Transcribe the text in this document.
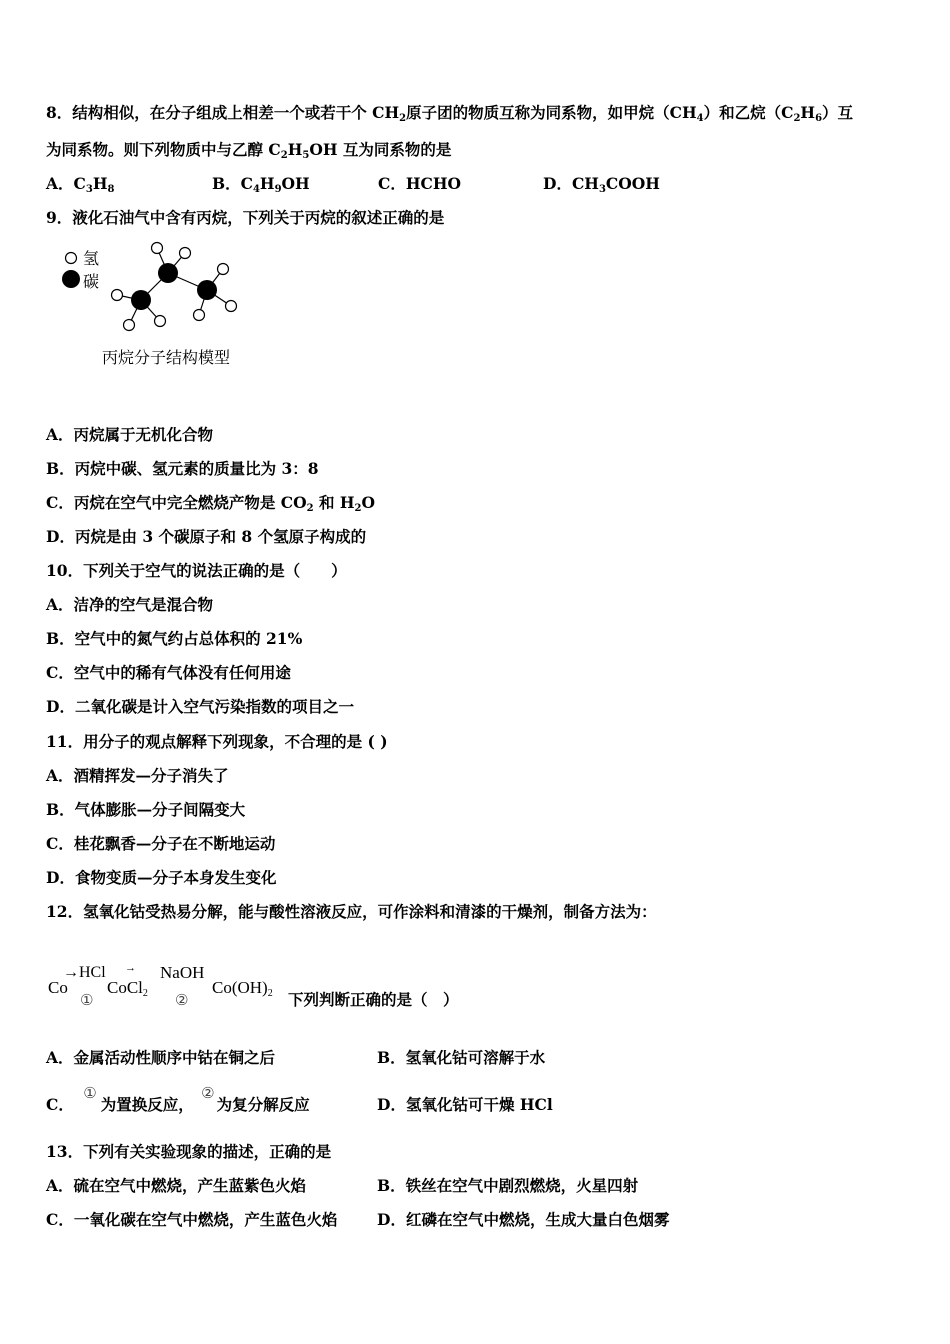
8．结构相似，在分子组成上相差一个或若干个 $CH_2$原子团的物质互称为同系物，如甲烷$(CH_4)$和乙烷$(C_2H_6)$互
为同系物。则下列物质中与乙醇 $C_2H_5OH$ 互为同系物的是
A．$C_3H_8$	B．$C_4H_9OH$	C．HCHO	D．$CH_3COOH$
9．液化石油气中含有丙烷，下列关于丙烷的叙述正确的是
氢
碳
丙烷分子结构模型
A．丙烷属于无机化合物
B．丙烷中碳、氢元素的质量比为 3：8
C．丙烷在空气中完全燃烧产物是 $CO_2$ 和 $H_2O$
D．丙烷是由 3 个碳原子和 8 个氢原子构成的
10．下列关于空气的说法正确的是（　　）
A．洁净的空气是混合物
B．空气中的氮气约占总体积的 21%
C．空气中的稀有气体没有任何用途
D．二氧化碳是计入空气污染指数的项目之一
11．用分子的观点解释下列现象，不合理的是 ( )
A．酒精挥发—分子消失了
B．气体膨胀—分子间隔变大
C．桂花飘香—分子在不断地运动
D．食物变质—分子本身发生变化
12．氢氧化钴受热易分解，能与酸性溶液反应，可作涂料和清漆的干燥剂，制备方法为：
Co
→HCl
①
CoCl$_2$
→ NaOH
②
$Co(OH)_2$ 下列判断正确的是（　）
A．金属活动性顺序中钴在铜之后	B．氢氧化钴可溶解于水
C． ①为置换反应， ②为复分解反应	D．氢氧化钴可干燥 HCl
13．下列有关实验现象的描述，正确的是
A．硫在空气中燃烧，产生蓝紫色火焰	B．铁丝在空气中剧烈燃烧，火星四射
C．一氧化碳在空气中燃烧，产生蓝色火焰	D．红磷在空气中燃烧，生成大量白色烟雾
